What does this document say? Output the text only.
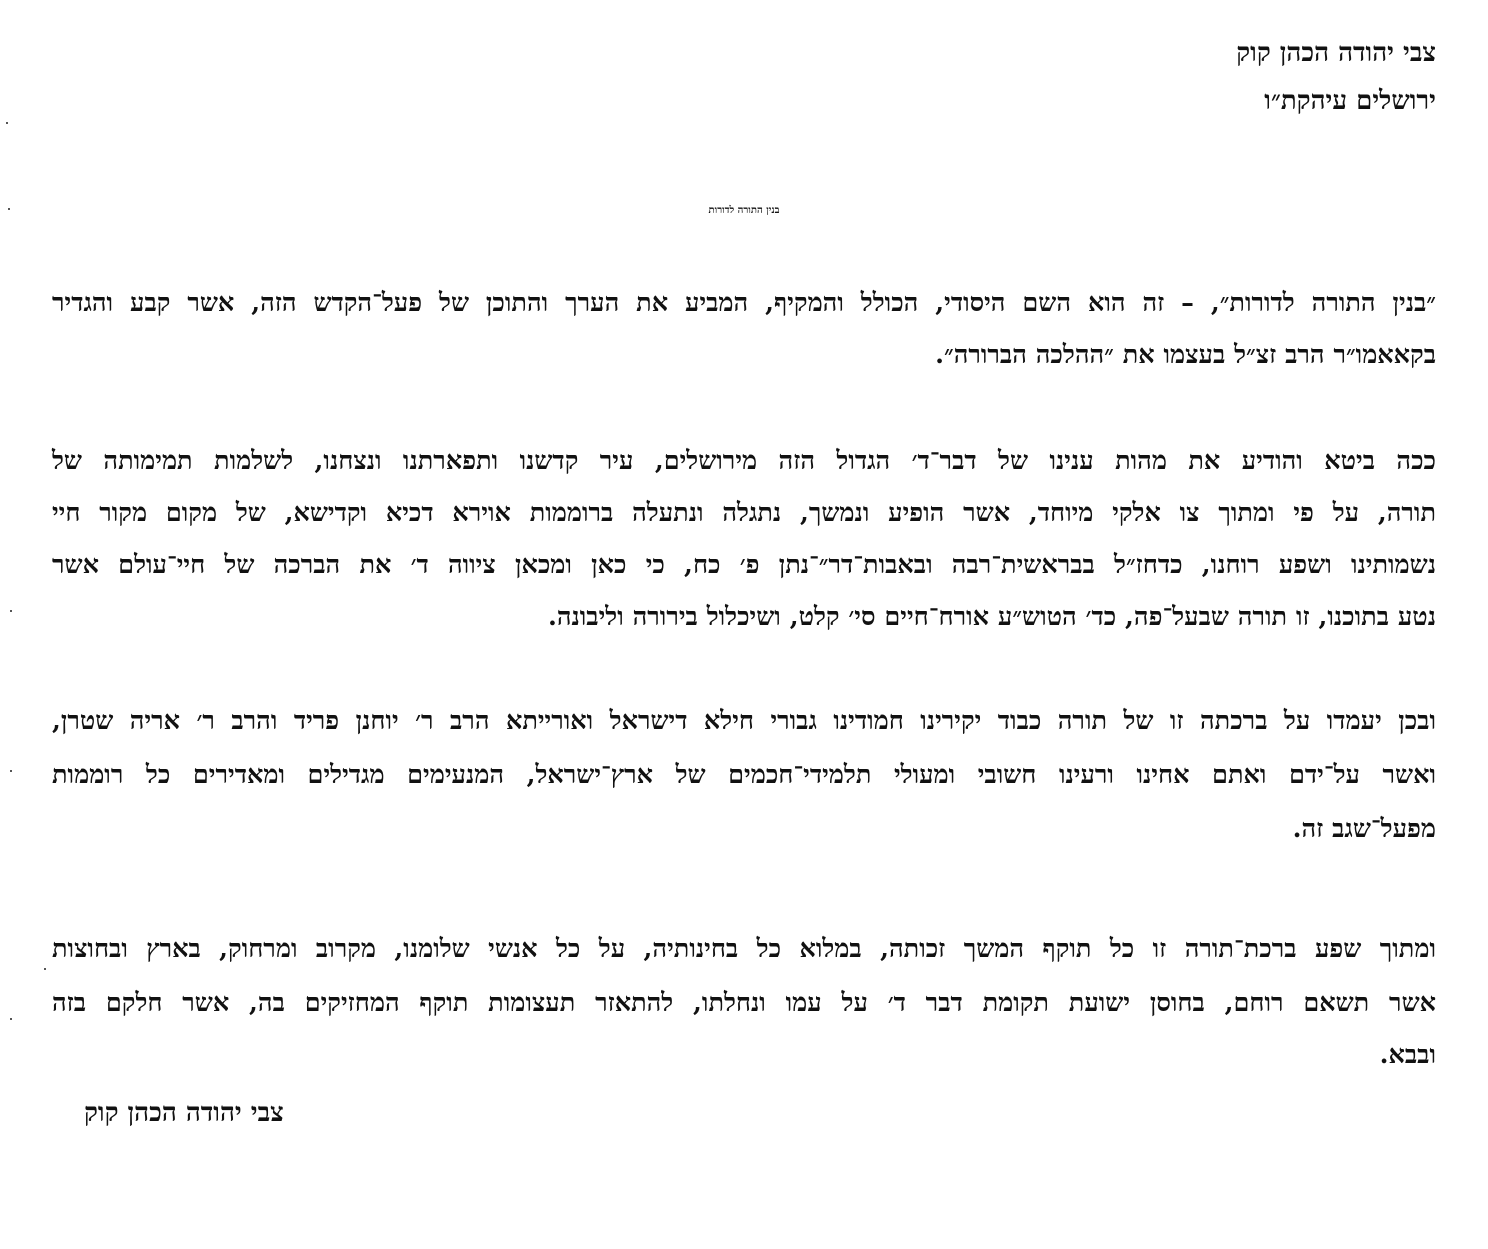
צבי יהודה הכהן קוק
ירושלים עיהקת״ו
בנין התורה לדורות
״בנין התורה לדורות״, – זה הוא השם היסודי, הכולל והמקיף, המביע את הערך והתוכן של פעל־הקדש הזה, אשר קבע והגדיר
בקאאמו״ר הרב זצ״ל בעצמו את ״ההלכה הברורה״.
ככה ביטא והודיע את מהות ענינו של דבר־ד׳ הגדול הזה מירושלים, עיר קדשנו ותפארתנו ונצחנו, לשלמות תמימותה של
תורה, על פי ומתוך צו אלקי מיוחד, אשר הופיע ונמשך, נתגלה ונתעלה ברוממות אוירא דכיא וקדישא, של מקום מקור חיי
נשמותינו ושפע רוחנו, כדחז״ל בבראשית־רבה ובאבות־דר״־נתן פ׳ כח, כי כאן ומכאן ציווה ד׳ את הברכה של חיי־עולם אשר
נטע בתוכנו, זו תורה שבעל־פה, כד׳ הטוש״ע אורח־חיים סי׳ קלט, ושיכלול בירורה וליבונה.
ובכן יעמדו על ברכתה זו של תורה כבוד יקירינו חמודינו גבורי חילא דישראל ואורייתא הרב ר׳ יוחנן פריד והרב ר׳ אריה שטרן,
ואשר על־ידם ואתם אחינו ורעינו חשובי ומעולי תלמידי־חכמים של ארץ־ישראל, המנעימים מגדילים ומאדירים כל רוממות
מפעל־שגב זה.
ומתוך שפע ברכת־תורה זו כל תוקף המשך זכותה, במלוא כל בחינותיה, על כל אנשי שלומנו, מקרוב ומרחוק, בארץ ובחוצות
אשר תשאם רוחם, בחוסן ישועת תקומת דבר ד׳ על עמו ונחלתו, להתאזר תעצומות תוקף המחזיקים בה, אשר חלקם בזה
ובבא.
צבי יהודה הכהן קוק
